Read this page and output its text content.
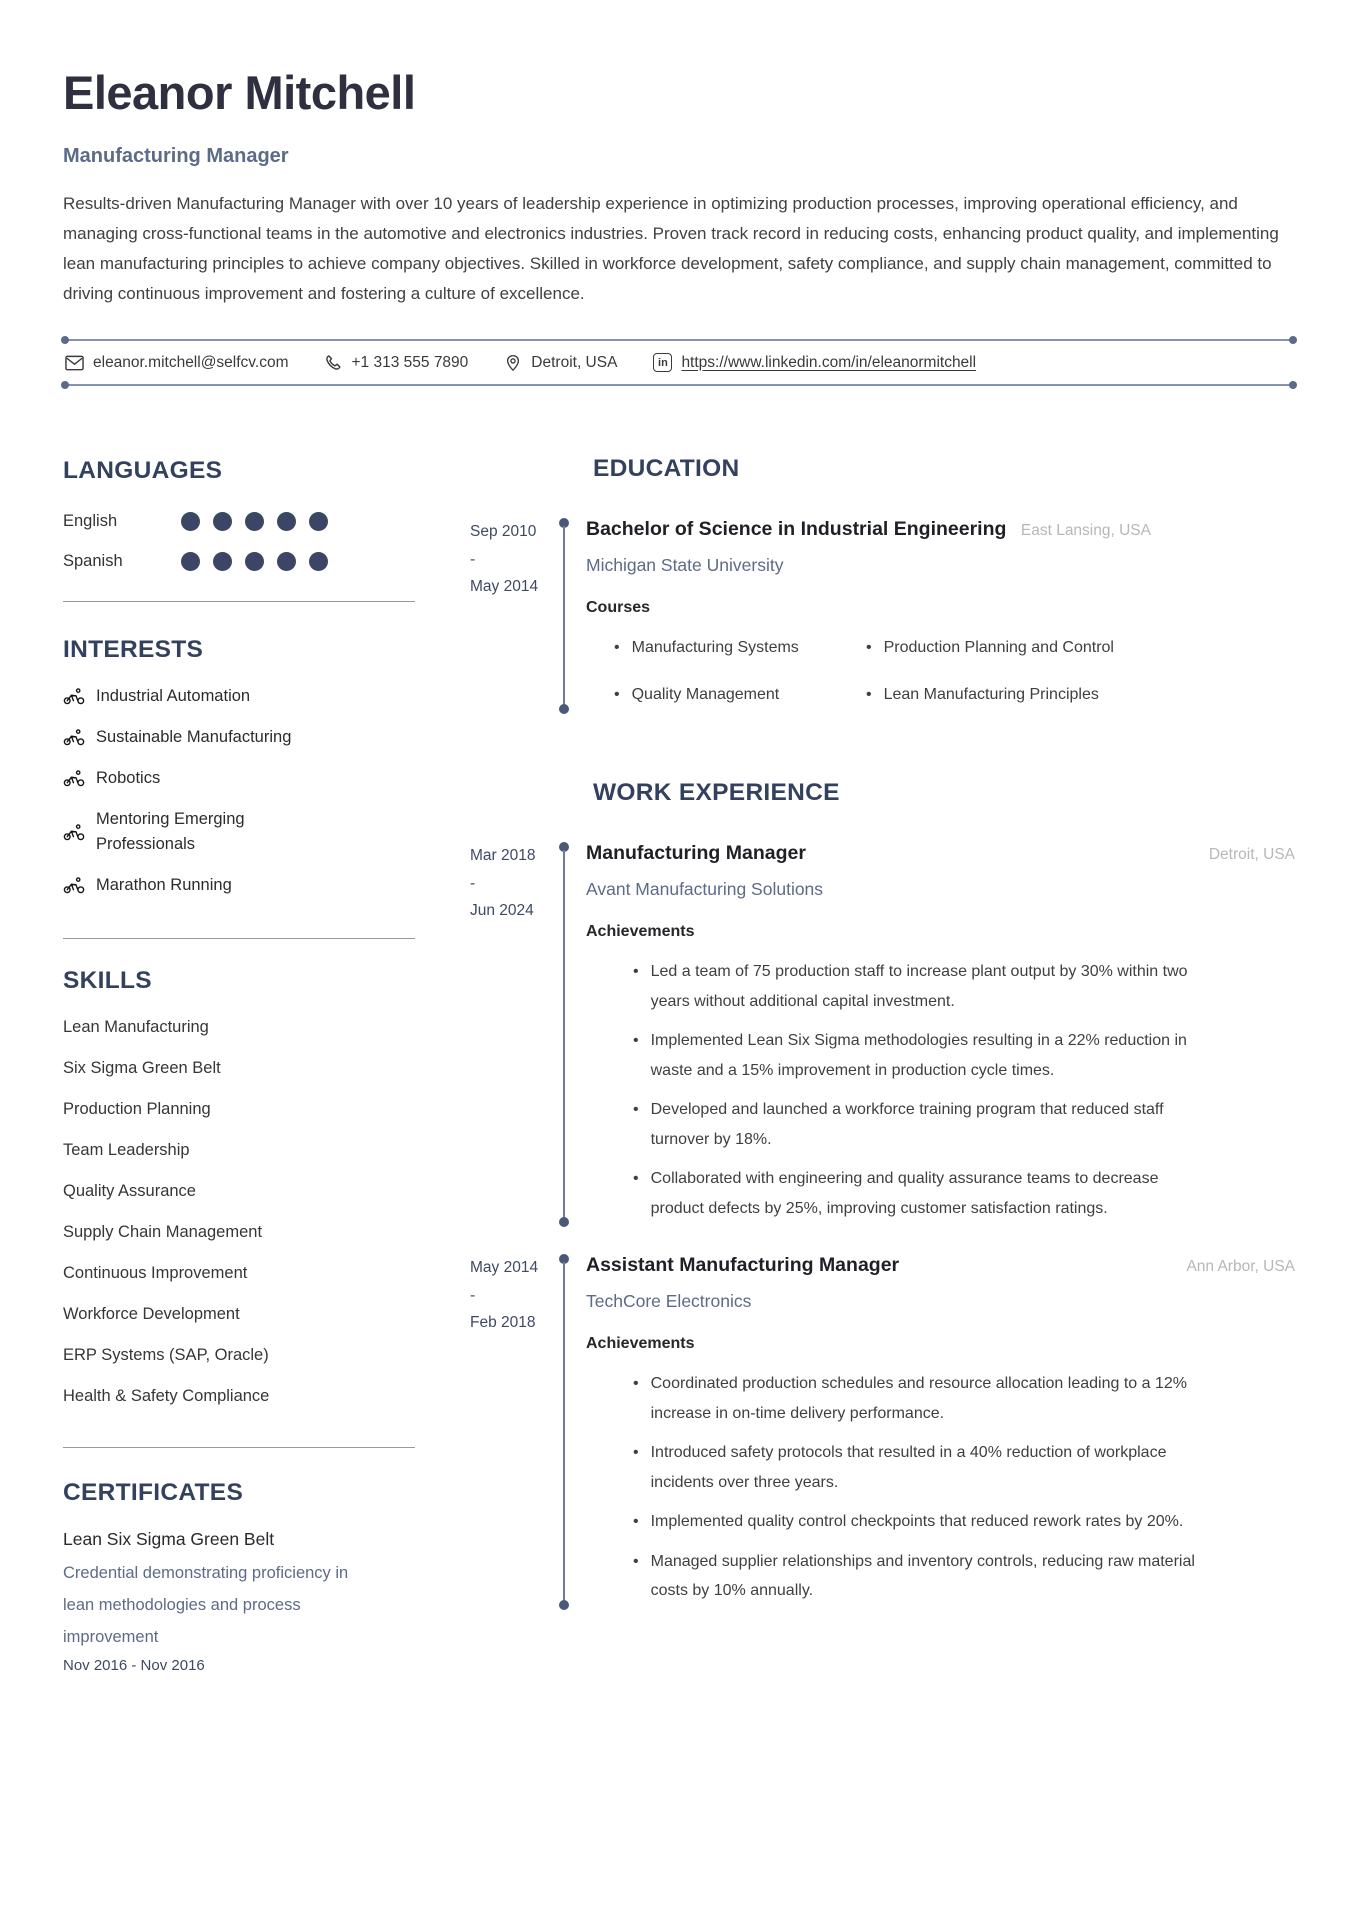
Eleanor Mitchell
Manufacturing Manager
Results-driven Manufacturing Manager with over 10 years of leadership experience in optimizing production processes, improving operational efficiency, and managing cross-functional teams in the automotive and electronics industries. Proven track record in reducing costs, enhancing product quality, and implementing lean manufacturing principles to achieve company objectives. Skilled in workforce development, safety compliance, and supply chain management, committed to driving continuous improvement and fostering a culture of excellence.
eleanor.mitchell@selfcv.com	+1 313 555 7890	Detroit, USA	in https://www.linkedin.com/in/eleanormitchell
LANGUAGES
English
Spanish
INTERESTS
Industrial Automation
Sustainable Manufacturing
Robotics
Mentoring Emerging Professionals
Marathon Running
SKILLS
Lean Manufacturing
Six Sigma Green Belt
Production Planning
Team Leadership
Quality Assurance
Supply Chain Management
Continuous Improvement
Workforce Development
ERP Systems (SAP, Oracle)
Health & Safety Compliance
CERTIFICATES
Lean Six Sigma Green Belt
Credential demonstrating proficiency in lean methodologies and process improvement
Nov 2016 - Nov 2016
EDUCATION
Sep 2010
-
May 2014
Bachelor of Science in Industrial Engineering East Lansing, USA
Michigan State University
Courses
• Manufacturing Systems	• Production Planning and Control
• Quality Management	• Lean Manufacturing Principles
WORK EXPERIENCE
Mar 2018
-
Jun 2024
Manufacturing Manager	Detroit, USA
Avant Manufacturing Solutions
Achievements
• Led a team of 75 production staff to increase plant output by 30% within two years without additional capital investment.
• Implemented Lean Six Sigma methodologies resulting in a 22% reduction in waste and a 15% improvement in production cycle times.
• Developed and launched a workforce training program that reduced staff turnover by 18%.
• Collaborated with engineering and quality assurance teams to decrease product defects by 25%, improving customer satisfaction ratings.
May 2014
-
Feb 2018
Assistant Manufacturing Manager	Ann Arbor, USA
TechCore Electronics
Achievements
• Coordinated production schedules and resource allocation leading to a 12% increase in on-time delivery performance.
• Introduced safety protocols that resulted in a 40% reduction of workplace incidents over three years.
• Implemented quality control checkpoints that reduced rework rates by 20%.
• Managed supplier relationships and inventory controls, reducing raw material costs by 10% annually.
